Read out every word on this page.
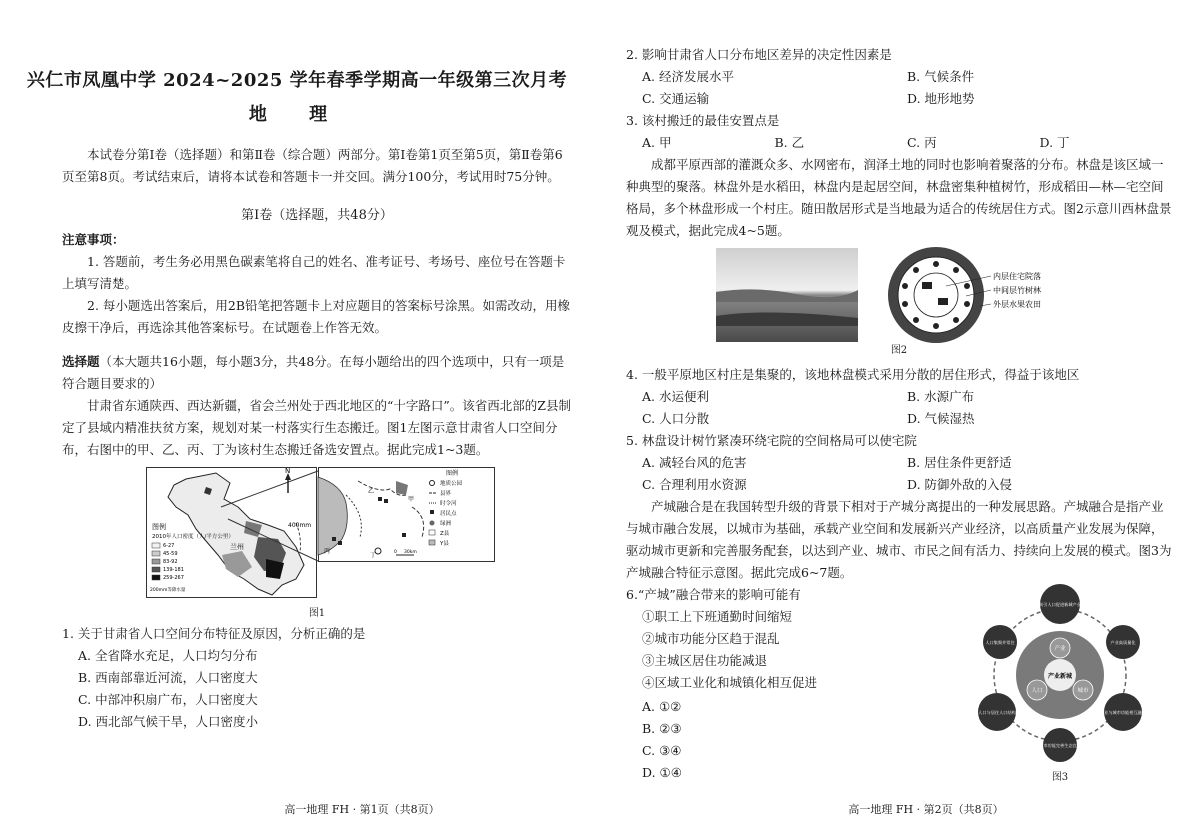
兴仁市凤凰中学 2024~2025 学年春季学期高一年级第三次月考
地 理

本试卷分第Ⅰ卷（选择题）和第Ⅱ卷（综合题）两部分。第Ⅰ卷第1页至第5页，第Ⅱ卷第6页至第8页。考试结束后，请将本试卷和答题卡一并交回。满分100分，考试用时75分钟。

第Ⅰ卷（选择题，共48分）

注意事项：

1. 答题前，考生务必用黑色碳素笔将自己的姓名、准考证号、考场号、座位号在答题卡上填写清楚。

2. 每小题选出答案后，用2B铅笔把答题卡上对应题目的答案标号涂黑。如需改动，用橡皮擦干净后，再选涂其他答案标号。在试题卷上作答无效。

选择题（本大题共16小题，每小题3分，共48分。在每小题给出的四个选项中，只有一项是符合题目要求的）

甘肃省东通陕西、西达新疆，省会兰州处于西北地区的“十字路口”。该省西北部的Z县制定了县域内精准扶贫方案，规划对某一村落实行生态搬迁。图1左图示意甘肃省人口空间分布，右图中的甲、乙、丙、丁为该村生态搬迁备选安置点。据此完成1~3题。

N
图例
2010年人口密度（人/平方公里）
6-27
45-59
83-92
139-181
259-267
200mm等降水量
兰州
400mm
甲
乙
丙
丁	0 30km
图例
地质公园
县界
时令河
居民点
绿洲
Z县
Y县
图1

1. 关于甘肃省人口空间分布特征及原因，分析正确的是

A. 全省降水充足，人口均匀分布
B. 西南部靠近河流，人口密度大
C. 中部冲积扇广布，人口密度大
D. 西北部气候干旱，人口密度小
高一地理 FH · 第1页（共8页）

2. 影响甘肃省人口分布地区差异的决定性因素是

A. 经济发展水平	B. 气候条件
C. 交通运输	D. 地形地势

3. 该村搬迁的最佳安置点是

A. 甲	B. 乙	C. 丙	D. 丁

成都平原西部的灌溉众多、水网密布，润泽土地的同时也影响着聚落的分布。林盘是该区域一种典型的聚落。林盘外是水稻田，林盘内是起居空间，林盘密集种植树竹，形成稻田—林—宅空间格局，多个林盘形成一个村庄。随田散居形式是当地最为适合的传统居住方式。图2示意川西林盘景观及模式，据此完成4~5题。

内层住宅院落
中间层竹树林
外层水果农田
图2

4. 一般平原地区村庄是集聚的，该地林盘模式采用分散的居住形式，得益于该地区

A. 水运便利	B. 水源广布
C. 人口分散	D. 气候湿热

5. 林盘设计树竹紧凑环绕宅院的空间格局可以使宅院

A. 减轻台风的危害	B. 居住条件更舒适
C. 合理利用水资源	D. 防御外敌的入侵

产城融合是在我国转型升级的背景下相对于产城分离提出的一种发展思路。产城融合是指产业与城市融合发展，以城市为基础，承载产业空间和发展新兴产业经济，以高质量产业发展为保障，驱动城市更新和完善服务配套，以达到产业、城市、市民之间有活力、持续向上发展的模式。图3为产城融合特征示意图。据此完成6~7题。

6.“产城”融合带来的影响可能有

①职工上下班通勤时间缩短
②城市功能分区趋于混乱
③主城区居住功能减退
④区域工业化和城镇化相互促进
A. ①②
B. ②③
C. ③④
D. ①④
产业新城
产业
人口	城市
全面吸引人口促进新城产业升级
产业高质量化
产业与城市功能相互融合
城市功能完善生态宜居
就业人口与居住人口结构匹配
人口集聚并常住
图3
高一地理 FH · 第2页（共8页）
